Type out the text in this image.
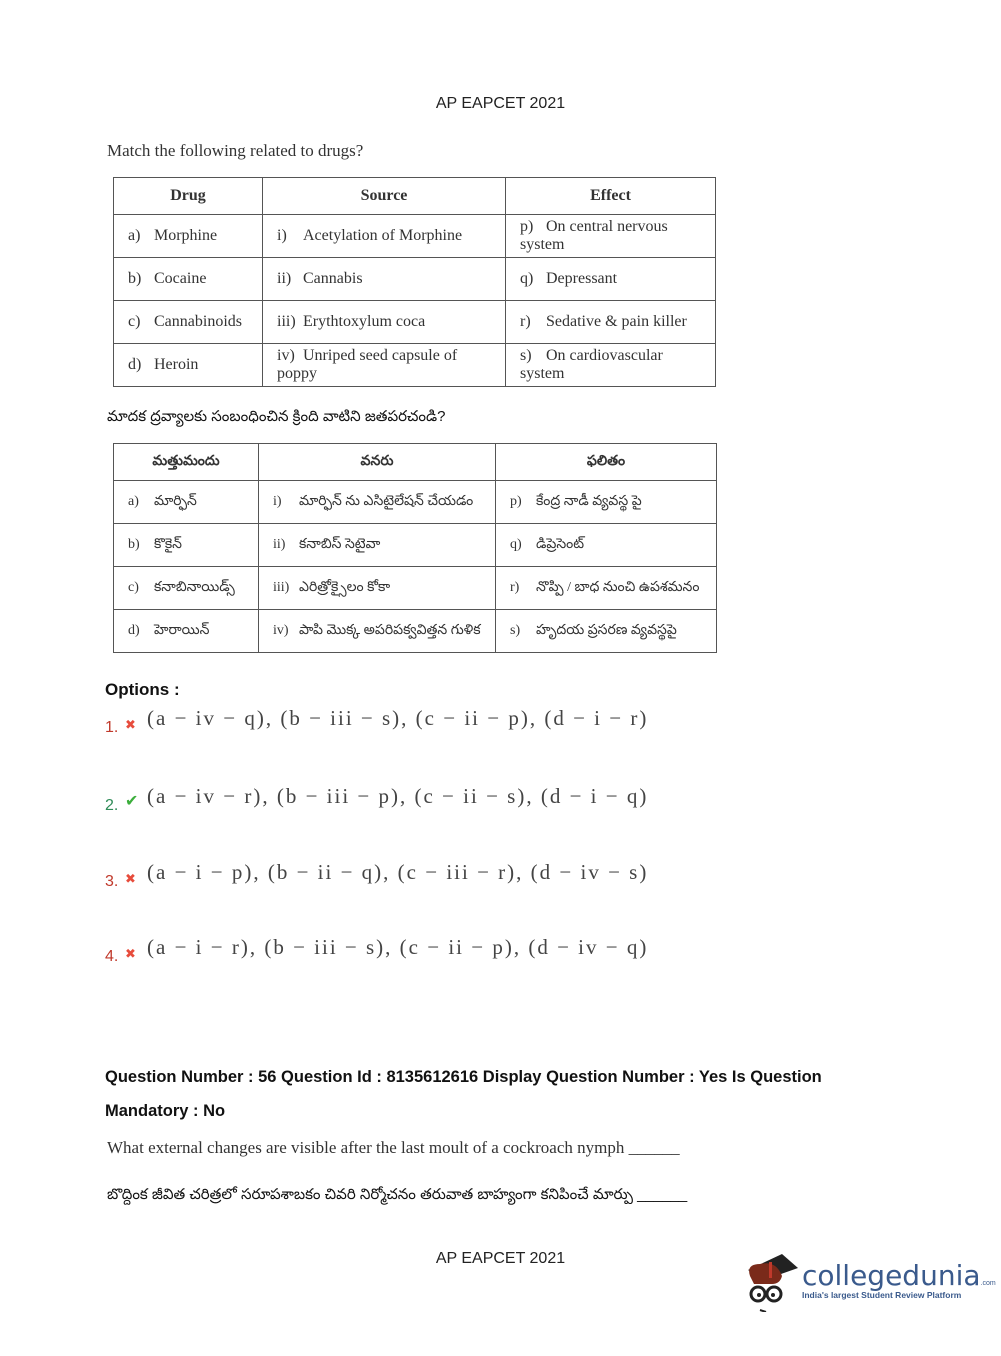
AP EAPCET 2021
Match the following related to drugs?
Drug	Source	Effect
a) Morphine	i) Acetylation of Morphine	p) On central nervous system
b) Cocaine	ii) Cannabis	q) Depressant
c) Cannabinoids	iii) Erythtoxylum coca	r) Sedative & pain killer
d) Heroin	iv) Unriped seed capsule of poppy	s) On cardiovascular system
మాదక ద్రవ్యాలకు సంబంధించిన క్రింది వాటిని జతపరచండి?
మత్తుమందు	వనరు	ఫలితం
a) మార్ఫిన్	i) మార్ఫిన్ ను ఎసిటైలేషన్ చేయడం	p) కేంద్ర నాడీ వ్యవస్థ పై
b) కొకైన్	ii) కనాబిస్ సెటైవా	q) డిప్రెసెంట్
c) కనాబినాయిడ్స్	iii) ఎరిత్రోక్సైలం కోకా	r) నొప్పి / బాధ నుంచి ఉపశమనం
d) హెరాయిన్	iv) పాపి మొక్క అపరిపక్వవిత్తన గుళిక	s) హృదయ ప్రసరణ వ్యవస్థపై
Options :
1. ✖ (a − iv − q), (b − iii − s), (c − ii − p), (d − i − r)
2. ✔ (a − iv − r), (b − iii − p), (c − ii − s), (d − i − q)
3. ✖ (a − i − p), (b − ii − q), (c − iii − r), (d − iv − s)
4. ✖ (a − i − r), (b − iii − s), (c − ii − p), (d − iv − q)
Question Number : 56 Question Id : 8135612616 Display Question Number : Yes Is Question
Mandatory : No
What external changes are visible after the last moult of a cockroach nymph ______
బొద్దింక జీవిత చరిత్రలో సరూపశాబకం చివరి నిర్మోచనం తరువాత బాహ్యంగా కనిపించే మార్పు ______
AP EAPCET 2021
collegedunia.com
India's largest Student Review Platform
